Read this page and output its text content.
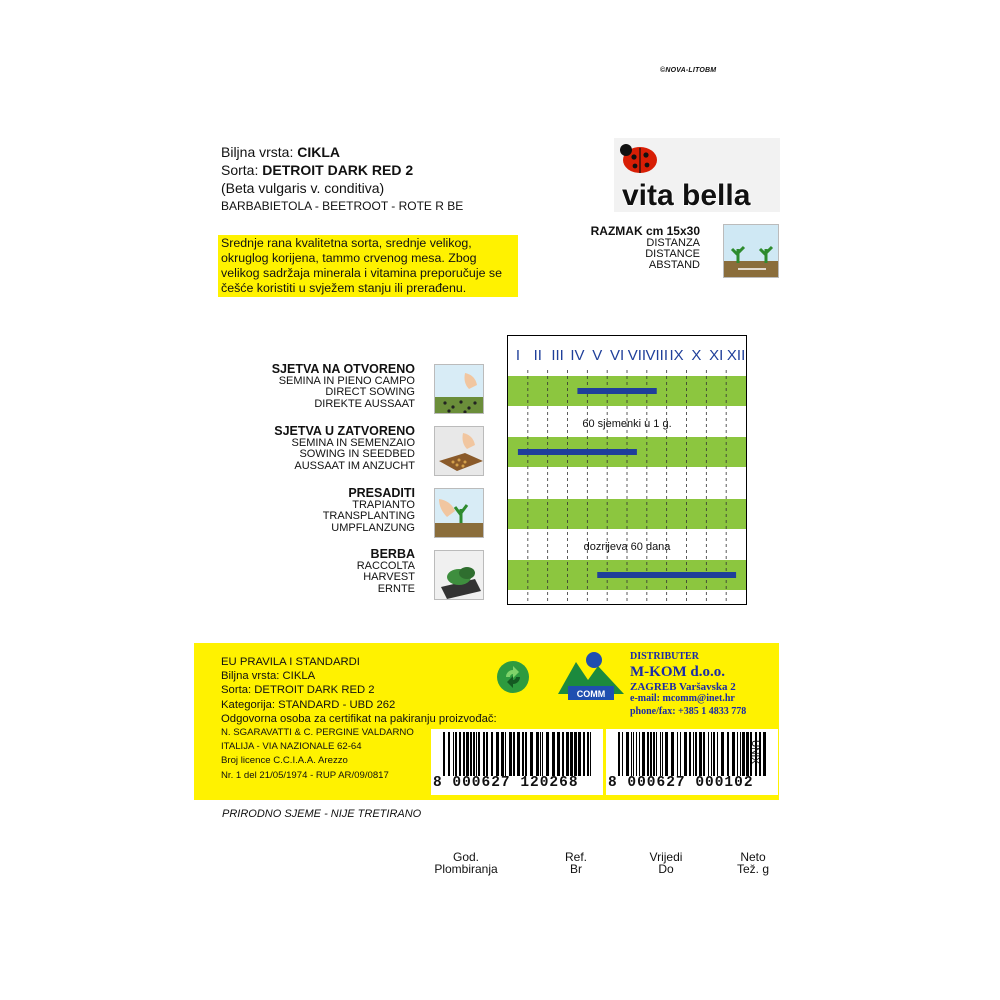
©NOVA-LITOBM
Biljna vrsta: CIKLA
Sorta: DETROIT DARK RED 2
(Beta vulgaris v. conditiva)
BARBABIETOLA - BEETROOT - ROTE R BE	vita bella
Srednje rana kvalitetna sorta, srednje velikog, okruglog korijena, tammo crvenog mesa. Zbog velikog sadržaja minerala i vitamina preporučuje se češće koristiti u svježem stanju ili prerađenu.
RAZMAK cm 15x30
DISTANZA
DISTANCE
ABSTAND
SJETVA NA OTVORENO
SEMINA IN PIENO CAMPO
DIRECT SOWING
DIREKTE AUSSAAT
SJETVA U ZATVORENO
SEMINA IN SEMENZAIO
SOWING IN SEEDBED
AUSSAAT IM ANZUCHT
PRESADITI
TRAPIANTO
TRANSPLANTING
UMPFLANZUNG
BERBA
RACCOLTA
HARVEST
ERNTE
I II III IV V VI VII VIII IX X XI XII
60 sjemenki u 1 g.
dozrijeva 60 dana
EU PRAVILA I STANDARDI
Biljna vrsta: CIKLA
Sorta: DETROIT DARK RED 2
Kategorija: STANDARD - UBD 262
Odgovorna osoba za certifikat na pakiranju proizvođač:
N. SGARAVATTI & C. PERGINE VALDARNO
ITALIJA - VIA NAZIONALE 62-64
Broj licence C.C.I.A.A. Arezzo
Nr. 1 del 21/05/1974 - RUP AR/09/0817
COMM
DISTRIBUTER
M-KOM d.o.o.
ZAGREB Varšavska 2
e-mail: mcomm@inet.hr
phone/fax: +385 1 4833 778
8 000627 120268 8 000627 000102
UNIX
PRIRODNO SJEME - NIJE TRETIRANO
God.
Plombiranja
Ref.
Br
Vrijedi
Do
Neto
Tež. g
